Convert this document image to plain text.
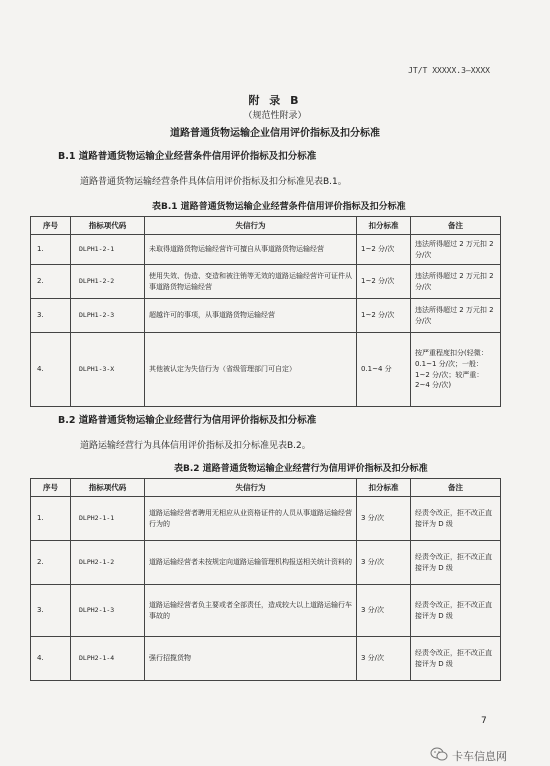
JT/T XXXXX.3—XXXX
附 录 B
（规范性附录）
道路普通货物运输企业信用评价指标及扣分标准
B.1 道路普通货物运输企业经营条件信用评价指标及扣分标准
道路普通货物运输经营条件具体信用评价指标及扣分标准见表B.1。
表B.1 道路普通货物运输企业经营条件信用评价指标及扣分标准
序号	指标项代码	失信行为	扣分标准	备注
1.	DLPH1-2-1	未取得道路货物运输经营许可擅自从事道路货物运输经营	1~2 分/次	违法所得超过 2 万元扣 2 分/次
2.	DLPH1-2-2	使用失效、伪造、变造和被注销等无效的道路运输经营许可证件从事道路货物运输经营	1~2 分/次	违法所得超过 2 万元扣 2 分/次
3.	DLPH1-2-3	超越许可的事项，从事道路货物运输经营	1~2 分/次	违法所得超过 2 万元扣 2 分/次
4.	DLPH1-3-X	其他被认定为失信行为（省级管理部门可自定）	0.1~4 分	按严重程度扣分(轻微：0.1~1 分/次；一般：1~2 分/次；较严重：2~4 分/次)
B.2 道路普通货物运输企业经营行为信用评价指标及扣分标准
道路运输经营行为具体信用评价指标及扣分标准见表B.2。
表B.2 道路普通货物运输企业经营行为信用评价指标及扣分标准
序号	指标项代码	失信行为	扣分标准	备注
1.	DLPH2-1-1	道路运输经营者聘用无相应从业资格证件的人员从事道路运输经营行为的	3 分/次	经责令改正，拒不改正直接评为 D 级
2.	DLPH2-1-2	道路运输经营者未按规定向道路运输管理机构报送相关统计资料的	3 分/次	经责令改正，拒不改正直接评为 D 级
3.	DLPH2-1-3	道路运输经营者负主要或者全部责任，造成较大以上道路运输行车事故的	3 分/次	经责令改正，拒不改正直接评为 D 级
4.	DLPH2-1-4	强行招揽货物	3 分/次	经责令改正，拒不改正直接评为 D 级
7
卡车信息网
